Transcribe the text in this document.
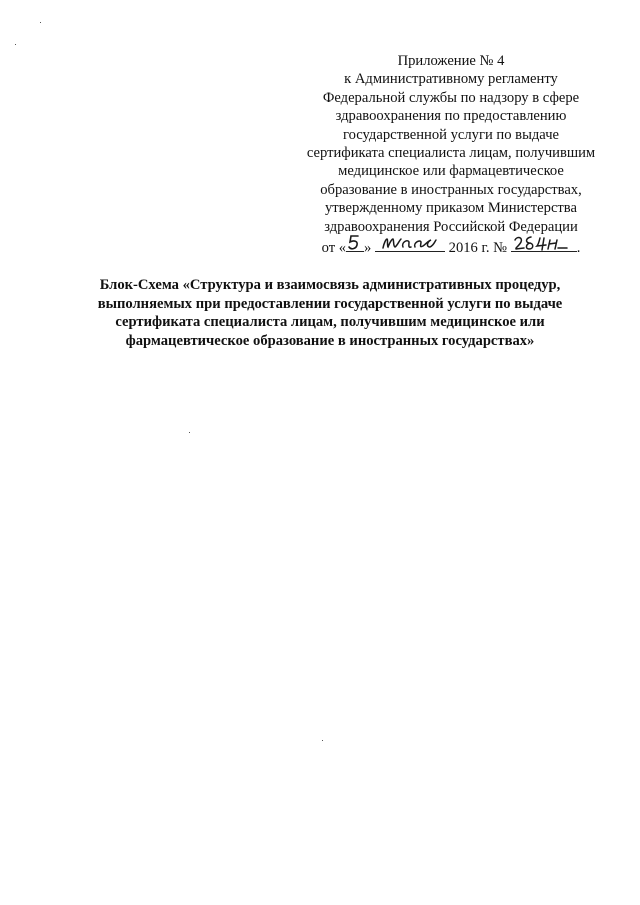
Приложение № 4
к Административному регламенту
Федеральной службы по надзору в сфере
здравоохранения по предоставлению
государственной услуги по выдаче
сертификата специалиста лицам, получившим
медицинское или фармацевтическое
образование в иностранных государствах,
утвержденному приказом Министерства
здравоохранения Российской Федерации
от « »	2016 г. №	.
Блок-Схема «Структура и взаимосвязь административных процедур,
выполняемых при предоставлении государственной услуги по выдаче
сертификата специалиста лицам, получившим медицинское или
фармацевтическое образование в иностранных государствах»
